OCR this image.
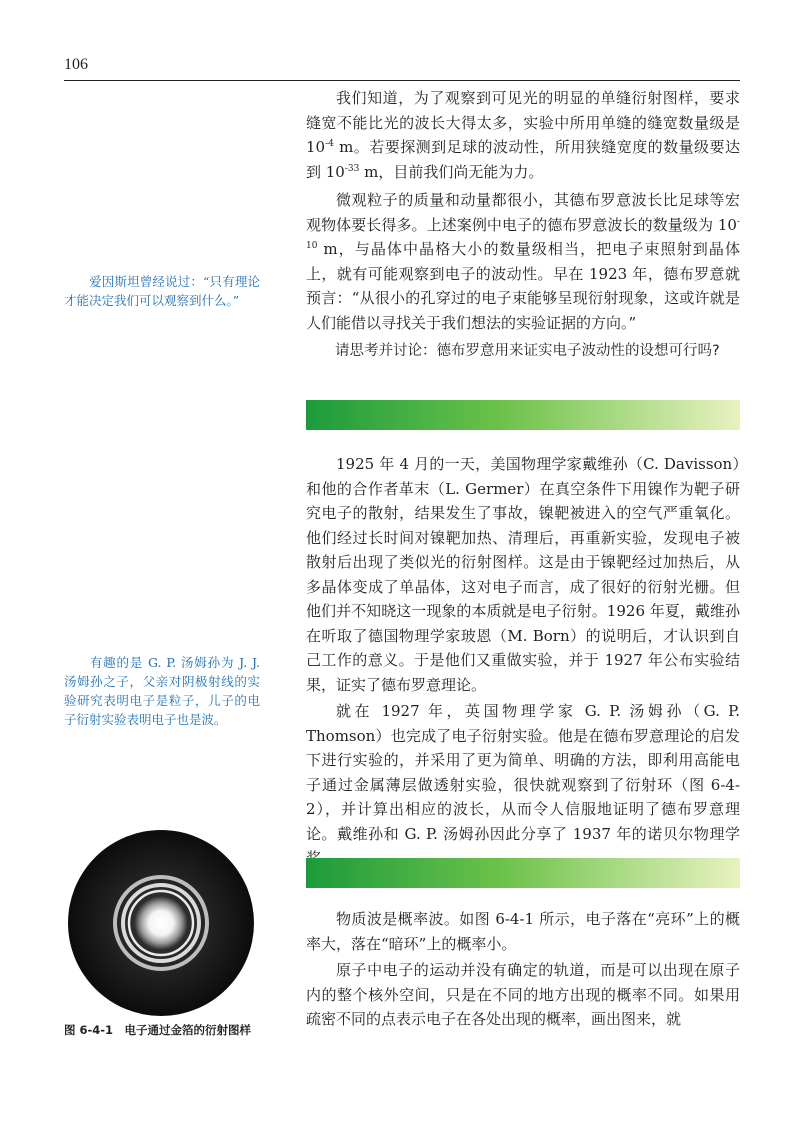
106

我们知道，为了观察到可见光的明显的单缝衍射图样，要求缝宽不能比光的波长大得太多，实验中所用单缝的缝宽数量级是 $10^{-4}$ m。若要探测到足球的波动性，所用狭缝宽度的数量级要达到 $10^{-33}$ m，目前我们尚无能为力。

微观粒子的质量和动量都很小，其德布罗意波长比足球等宏观物体要长得多。上述案例中电子的德布罗意波长的数量级为 $10^{-10}$ m，与晶体中晶格大小的数量级相当，把电子束照射到晶体上，就有可能观察到电子的波动性。早在 1923 年，德布罗意就预言：“从很小的孔穿过的电子束能够呈现衍射现象，这或许就是人们能借以寻找关于我们想法的实验证据的方向。”

请思考并讨论：德布罗意用来证实电子波动性的设想可行吗?

1925 年 4 月的一天，美国物理学家戴维孙（C. Davisson）和他的合作者革末（L. Germer）在真空条件下用镍作为靶子研究电子的散射，结果发生了事故，镍靶被进入的空气严重氧化。他们经过长时间对镍靶加热、清理后，再重新实验，发现电子被散射后出现了类似光的衍射图样。这是由于镍靶经过加热后，从多晶体变成了单晶体，这对电子而言，成了很好的衍射光栅。但他们并不知晓这一现象的本质就是电子衍射。1926 年夏，戴维孙在听取了德国物理学家玻恩（M. Born）的说明后，才认识到自己工作的意义。于是他们又重做实验，并于 1927 年公布实验结果，证实了德布罗意理论。

就在 1927 年，英国物理学家 G. P. 汤姆孙（G. P. Thomson）也完成了电子衍射实验。他是在德布罗意理论的启发下进行实验的，并采用了更为简单、明确的方法，即利用高能电子通过金属薄层做透射实验，很快就观察到了衍射环（图 6-4-2），并计算出相应的波长，从而令人信服地证明了德布罗意理论。戴维孙和 G. P. 汤姆孙因此分享了 1937 年的诺贝尔物理学

物质波是概率波。如图 6-4-1 所示，电子落在“亮环”上的概率大，落在“暗环”上的概率小。

原子中电子的运动并没有确定的轨道，而是可以出现在原子内的整个核外空间，只是在不同的地方出现的概率不同。如果用疏密不同的点表示电子在各处出现的概率，画出图来，就

爱因斯坦曾经说过：“只有理论才能决定我们可以观察到什么。”
有趣的是 G. P. 汤姆孙为 J. J. 汤姆孙之子，父亲对阴极射线的实验研究表明电子是粒子，儿子的电子衍射实验表明电子也是波。
图 6-4-1　电子通过金箔的衍射图样
